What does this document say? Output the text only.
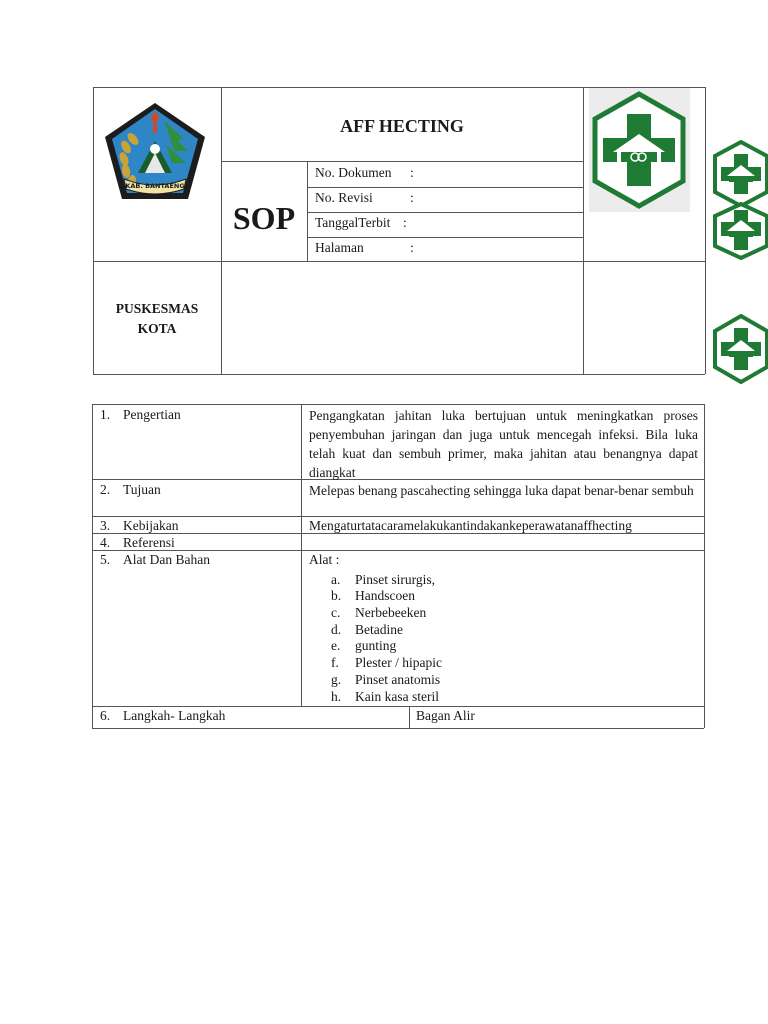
KAB. BANTAENG
AFF HECTING
SOP
No. Dokumen :
No. Revisi	:
TanggalTerbit :
Halaman	:
PUSKESMAS
KOTA
1. Pengertian	Pengangkatan jahitan luka bertujuan untuk meningkatkan proses penyembuhan jaringan dan juga untuk mencegah infeksi. Bila luka telah kuat dan sembuh primer, maka jahitan atau benangnya dapat diangkat
2. Tujuan	Melepas benang pascahecting sehingga luka dapat benar-benar sembuh
3. Kebijakan	Mengaturtatacaramelakukantindakankeperawatanaffhecting
4. Referensi
5. Alat Dan Bahan	Alat :
a. Pinset sirurgis,
b. Handscoen
c. Nerbebeeken
d. Betadine
e. gunting
f. Plester / hipapic
g. Pinset anatomis
h. Kain kasa steril
6. Langkah- Langkah	Bagan Alir
